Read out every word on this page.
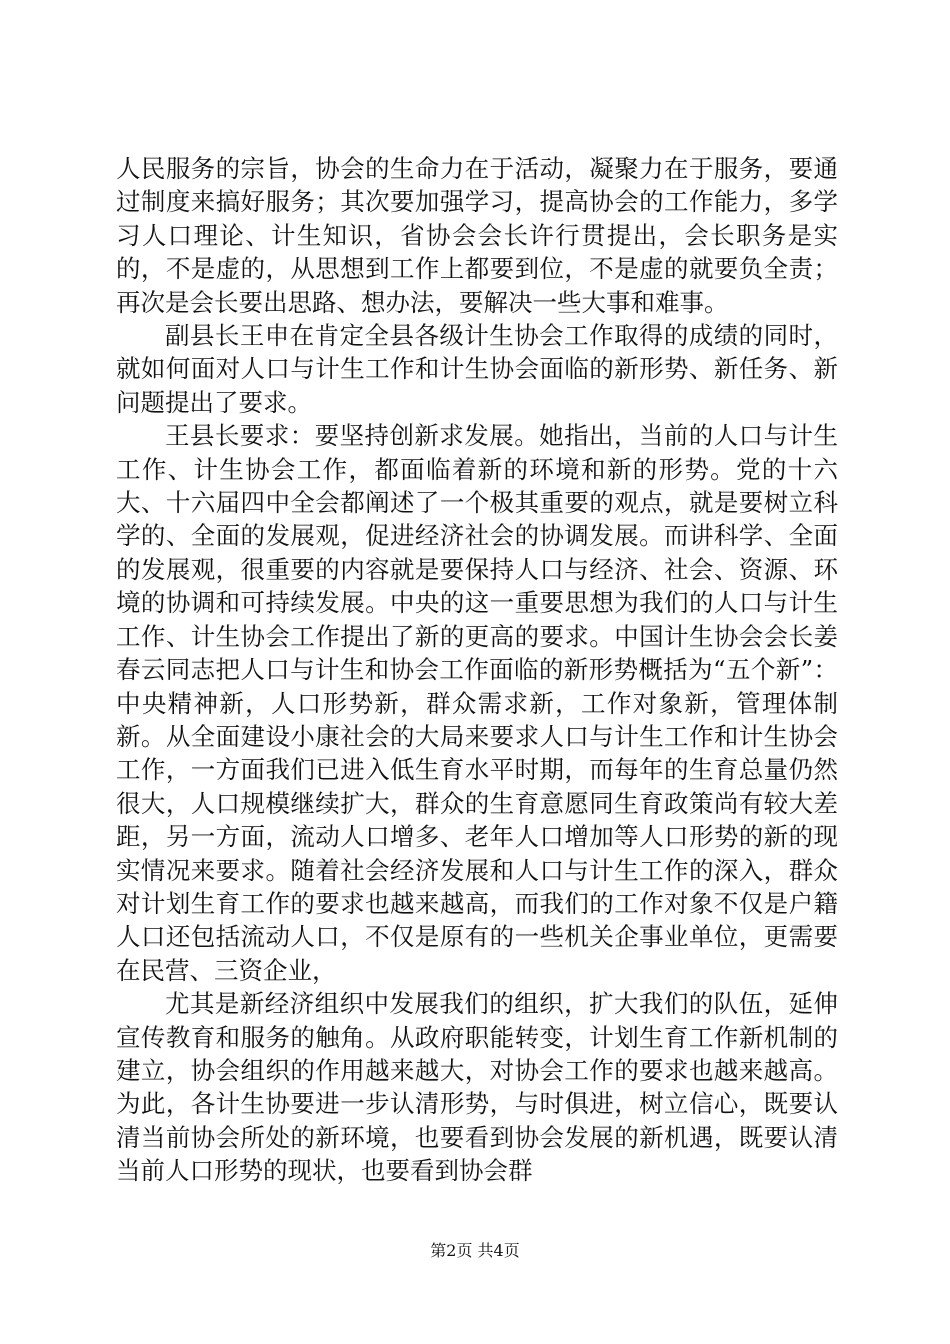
人民服务的宗旨，协会的生命力在于活动，凝聚力在于服务，要通过制度来搞好服务；其次要加强学习，提高协会的工作能力，多学习人口理论、计生知识，省协会会长许行贯提出，会长职务是实的，不是虚的，从思想到工作上都要到位，不是虚的就要负全责；再次是会长要出思路、想办法，要解决一些大事和难事。

副县长王申在肯定全县各级计生协会工作取得的成绩的同时，就如何面对人口与计生工作和计生协会面临的新形势、新任务、新问题提出了要求。

王县长要求：要坚持创新求发展。她指出，当前的人口与计生工作、计生协会工作，都面临着新的环境和新的形势。党的十六大、十六届四中全会都阐述了一个极其重要的观点，就是要树立科学的、全面的发展观，促进经济社会的协调发展。而讲科学、全面的发展观，很重要的内容就是要保持人口与经济、社会、资源、环境的协调和可持续发展。中央的这一重要思想为我们的人口与计生工作、计生协会工作提出了新的更高的要求。中国计生协会会长姜春云同志把人口与计生和协会工作面临的新形势概括为“五个新”：中央精神新，人口形势新，群众需求新，工作对象新，管理体制新。从全面建设小康社会的大局来要求人口与计生工作和计生协会工作，一方面我们已进入低生育水平时期，而每年的生育总量仍然很大，人口规模继续扩大，群众的生育意愿同生育政策尚有较大差距，另一方面，流动人口增多、老年人口增加等人口形势的新的现实情况来要求。随着社会经济发展和人口与计生工作的深入，群众对计划生育工作的要求也越来越高，而我们的工作对象不仅是户籍人口还包括流动人口，不仅是原有的一些机关企事业单位，更需要在民营、三资企业，

尤其是新经济组织中发展我们的组织，扩大我们的队伍，延伸宣传教育和服务的触角。从政府职能转变，计划生育工作新机制的建立，协会组织的作用越来越大，对协会工作的要求也越来越高。为此，各计生协要进一步认清形势，与时俱进，树立信心，既要认清当前协会所处的新环境，也要看到协会发展的新机遇，既要认清当前人口形势的现状，也要看到协会群

第2页 共4页
